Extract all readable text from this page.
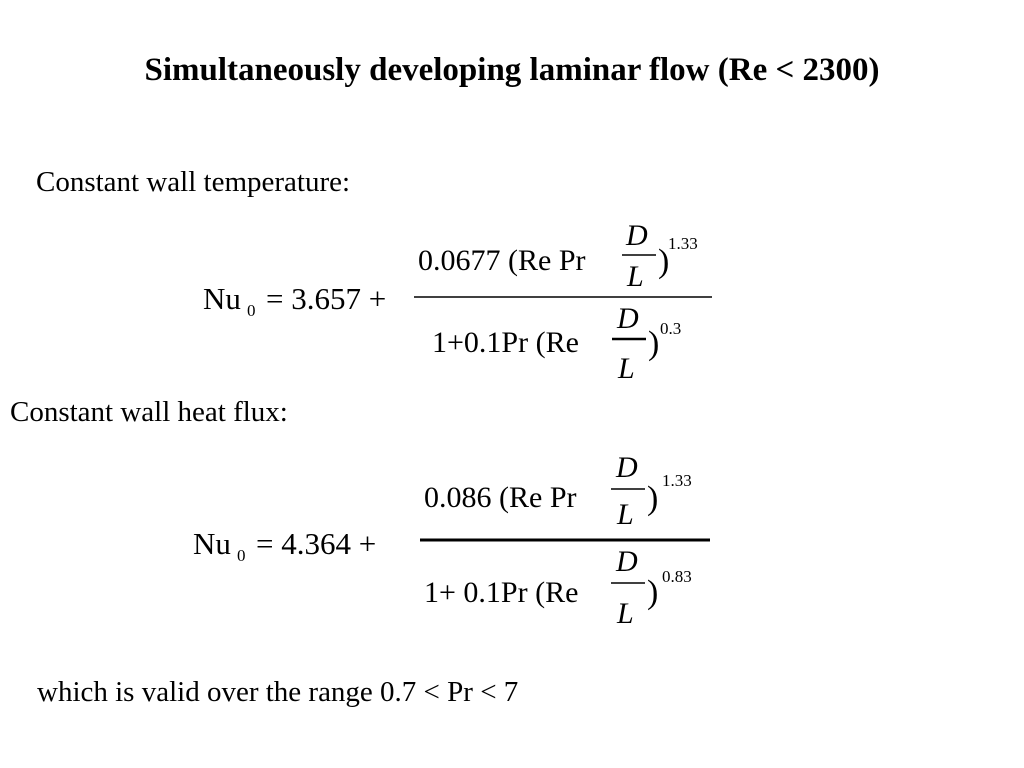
Simultaneously developing laminar flow (Re < 2300)
Constant wall temperature:
Nu 0 = 3.657 +
0.0677 (Re Pr
D
L )
1.33
1+0.1Pr (Re
D
L
) 0.3
Constant wall heat flux:
Nu 0 = 4.364 +
0.086 (Re Pr
D
L ) 1.33
1+ 0.1Pr (Re
D
L
) 0.83
which is valid over the range 0.7 < Pr < 7
